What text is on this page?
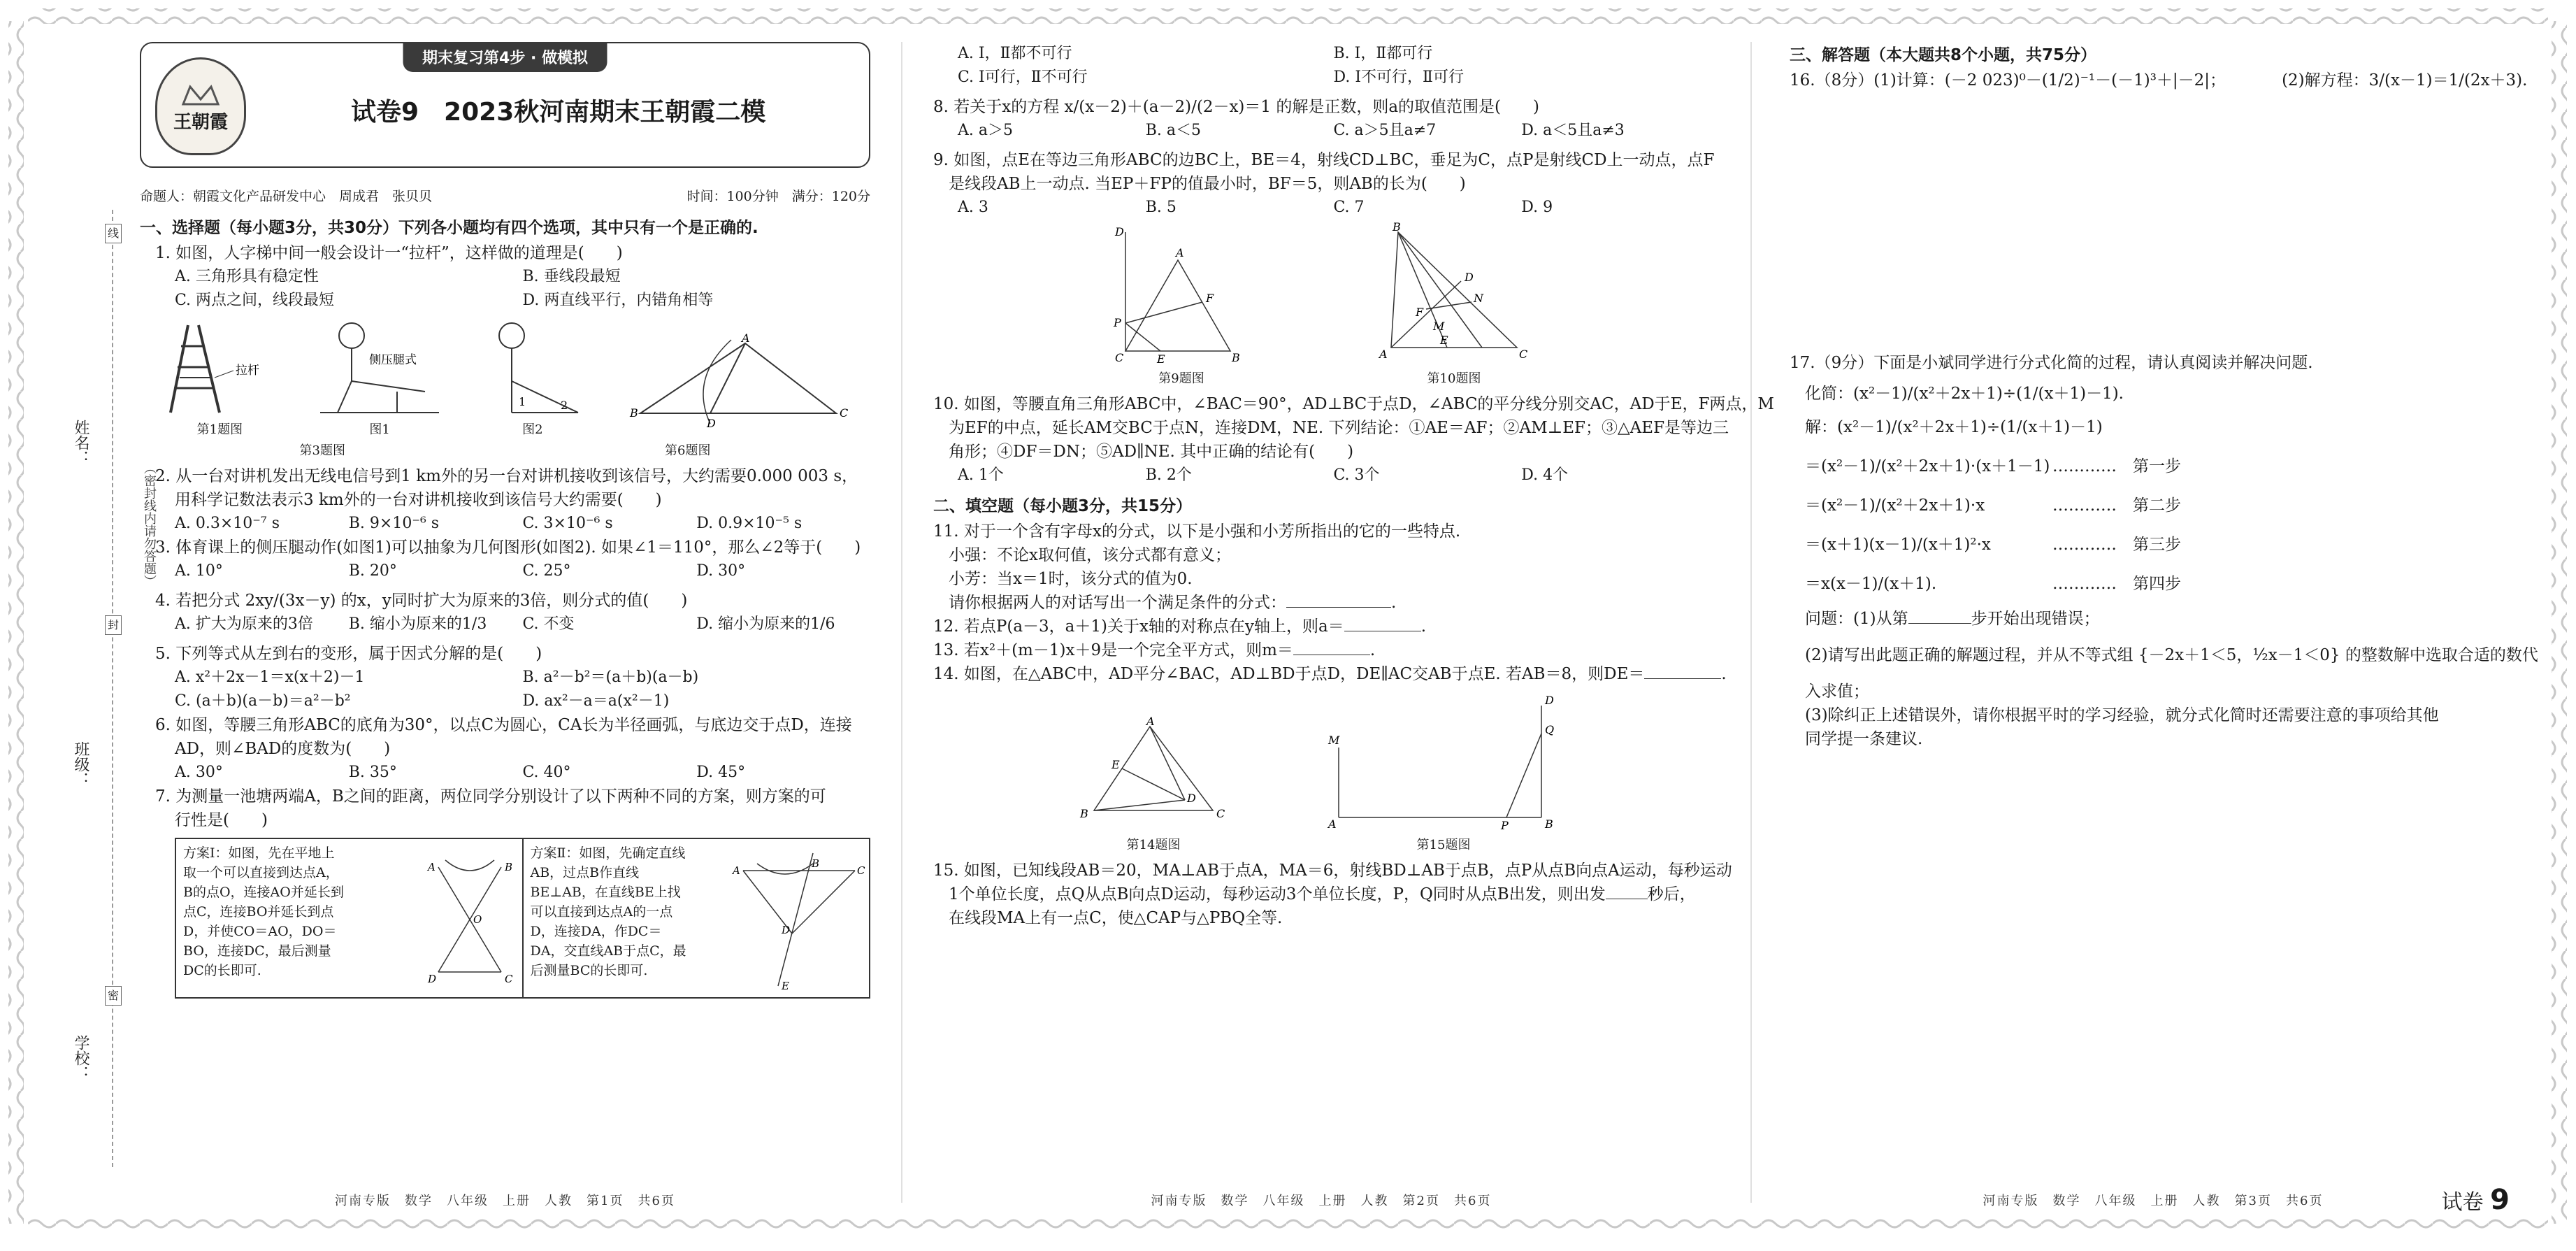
姓名：
班级：
学校：
线
封
密
（密封线内请勿答题）
期末复习第4步 · 做模拟
王朝霞	试卷9　2023秋河南期末王朝霞二模
命题人：朝霞文化产品研发中心　周成君　张贝贝	时间：100分钟　满分：120分
一、选择题（每小题3分，共30分）下列各小题均有四个选项，其中只有一个是正确的.
1. 如图，人字梯中间一般会设计一“拉杆”，这样做的道理是(　　)
A. 三角形具有稳定性	B. 垂线段最短
C. 两点之间，线段最短	D. 两直线平行，内错角相等
拉杆
第1题图
侧压腿式
图1
1	2
图2
A
B
D
C
第3题图	第6题图
2. 从一台对讲机发出无线电信号到1 km外的另一台对讲机接收到该信号，大约需要0.000 003 s，
用科学记数法表示3 km外的一台对讲机接收到该信号大约需要(　　)
A. 0.3×10⁻⁷ s	B. 9×10⁻⁶ s	C. 3×10⁻⁶ s	D. 0.9×10⁻⁵ s
3. 体育课上的侧压腿动作(如图1)可以抽象为几何图形(如图2). 如果∠1＝110°，那么∠2等于(　　)
A. 10°	B. 20°	C. 25°	D. 30°
4. 若把分式 2xy/(3x－y) 的x，y同时扩大为原来的3倍，则分式的值(　　)
A. 扩大为原来的3倍	B. 缩小为原来的1/3	C. 不变	D. 缩小为原来的1/6
5. 下列等式从左到右的变形，属于因式分解的是(　　)
A. x²＋2x－1＝x(x＋2)－1	B. a²－b²＝(a＋b)(a－b)
C. (a＋b)(a－b)＝a²－b²	D. ax²－a＝a(x²－1)
6. 如图，等腰三角形ABC的底角为30°，以点C为圆心，CA长为半径画弧，与底边交于点D，连接
AD，则∠BAD的度数为(　　)
A. 30°	B. 35°	C. 40°	D. 45°
7. 为测量一池塘两端A，B之间的距离，两位同学分别设计了以下两种不同的方案，则方案的可
行性是(　　)
方案Ⅰ：如图，先在平地上取一个可以直接到达点A，B的点O，连接AO并延长到点C，连接BO并延长到点D，并使CO＝AO，DO＝BO，连接DC，最后测量DC的长即可.
A	B
O
D	C
方案Ⅱ：如图，先确定直线AB，过点B作直线BE⊥AB，在直线BE上找可以直接到达点A的一点D，连接DA，作DC＝DA，交直线AB于点C，最后测量BC的长即可.
A
B
C
D
E
河南专版　数学　八年级　上册　人教　第1页　共6页
A. Ⅰ，Ⅱ都不可行	B. Ⅰ，Ⅱ都可行
C. Ⅰ可行，Ⅱ不可行	D. Ⅰ不可行，Ⅱ可行
8. 若关于x的方程 x/(x－2)＋(a－2)/(2－x)＝1 的解是正数，则a的取值范围是(　　)
A. a＞5	B. a＜5	C. a＞5且a≠7	D. a＜5且a≠3
9. 如图，点E在等边三角形ABC的边BC上，BE＝4，射线CD⊥BC，垂足为C，点P是射线CD上一动点，点F
是线段AB上一动点. 当EP＋FP的值最小时，BF＝5，则AB的长为(　　)
A. 3	B. 5	C. 7	D. 9
D
A
F
P
C	E	B
第9题图
B
D
F
N
M
E
A	C
第10题图
10. 如图，等腰直角三角形ABC中，∠BAC＝90°，AD⊥BC于点D，∠ABC的平分线分别交AC，AD于E，F两点，M
为EF的中点，延长AM交BC于点N，连接DM，NE. 下列结论：①AE＝AF；②AM⊥EF；③△AEF是等边三
角形；④DF＝DN；⑤AD∥NE. 其中正确的结论有(　　)
A. 1个	B. 2个	C. 3个	D. 4个
二、填空题（每小题3分，共15分）
11. 对于一个含有字母x的分式，以下是小强和小芳所指出的它的一些特点.
小强：不论x取何值，该分式都有意义；
小芳：当x＝1时，该分式的值为0.
请你根据两人的对话写出一个满足条件的分式：	.
12. 若点P(a－3，a＋1)关于x轴的对称点在y轴上，则a＝	.
13. 若x²＋(m－1)x＋9是一个完全平方式，则m＝	.
14. 如图，在△ABC中，AD平分∠BAC，AD⊥BD于点D，DE∥AC交AB于点E. 若AB＝8，则DE＝	.
A
E
D
B	C
第14题图
M
A
D
Q
P	B
第15题图
15. 如图，已知线段AB＝20，MA⊥AB于点A，MA＝6，射线BD⊥AB于点B，点P从点B向点A运动，每秒运动
1个单位长度，点Q从点B向点D运动，每秒运动3个单位长度，P，Q同时从点B出发，则出发	秒后，
在线段MA上有一点C，使△CAP与△PBQ全等.
河南专版　数学　八年级　上册　人教　第2页　共6页
三、解答题（本大题共8个小题，共75分）
16.（8分）(1)计算：(－2 023)⁰－(1/2)⁻¹－(－1)³＋|－2|；	(2)解方程：3/(x－1)＝1/(2x＋3).
17.（9分）下面是小斌同学进行分式化简的过程，请认真阅读并解决问题.
化简：(x²－1)/(x²＋2x＋1)÷(1/(x＋1)－1).
解：(x²－1)/(x²＋2x＋1)÷(1/(x＋1)－1)
＝(x²－1)/(x²＋2x＋1)·(x＋1－1) …………　第一步
＝(x²－1)/(x²＋2x＋1)·x	…………　第二步
＝(x＋1)(x－1)/(x＋1)²·x	…………　第三步
＝x(x－1)/(x＋1).	…………　第四步
问题：(1)从第	步开始出现错误；
(2)请写出此题正确的解题过程，并从不等式组 {－2x＋1＜5，½x－1＜0} 的整数解中选取合适的数代
入求值；
(3)除纠正上述错误外，请你根据平时的学习经验，就分式化简时还需要注意的事项给其他
同学提一条建议.
河南专版　数学　八年级　上册　人教　第3页　共6页	试卷 9
